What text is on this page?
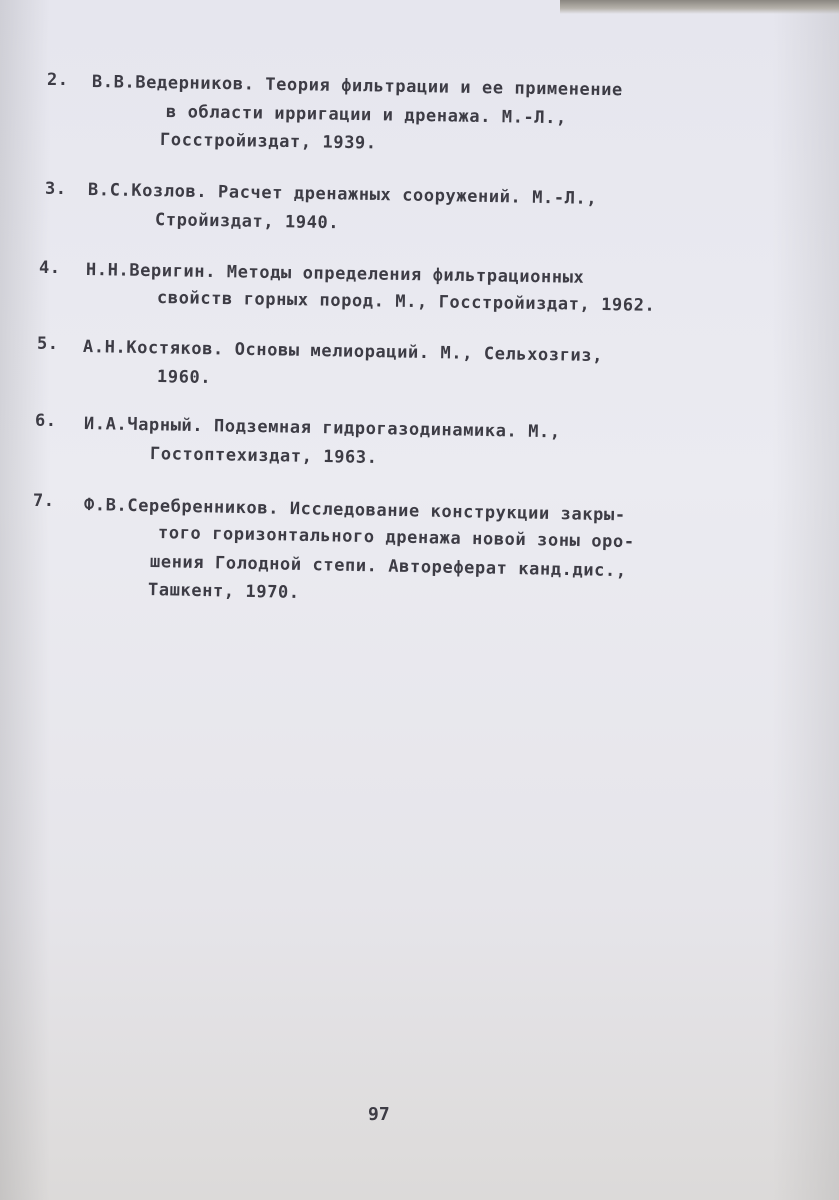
2. В.В.Ведерников. Теория фильтрации и ее применение
в области ирригации и дренажа. М.-Л.,
Госстройиздат, 1939.
3. В.С.Козлов. Расчет дренажных сооружений. М.-Л.,
Стройиздат, 1940.
4. Н.Н.Веригин. Методы определения фильтрационных
свойств горных пород. М., Госстройиздат, 1962.
5. А.Н.Костяков. Основы мелиораций. М., Сельхозгиз,
1960.
6. И.А.Чарный. Подземная гидрогазодинамика. М.,
Гостоптехиздат, 1963.
7. Ф.В.Серебренников. Исследование конструкции закры-
того горизонтального дренажа новой зоны оро-
шения Голодной степи. Автореферат канд.дис.,
Ташкент, 1970.
97
